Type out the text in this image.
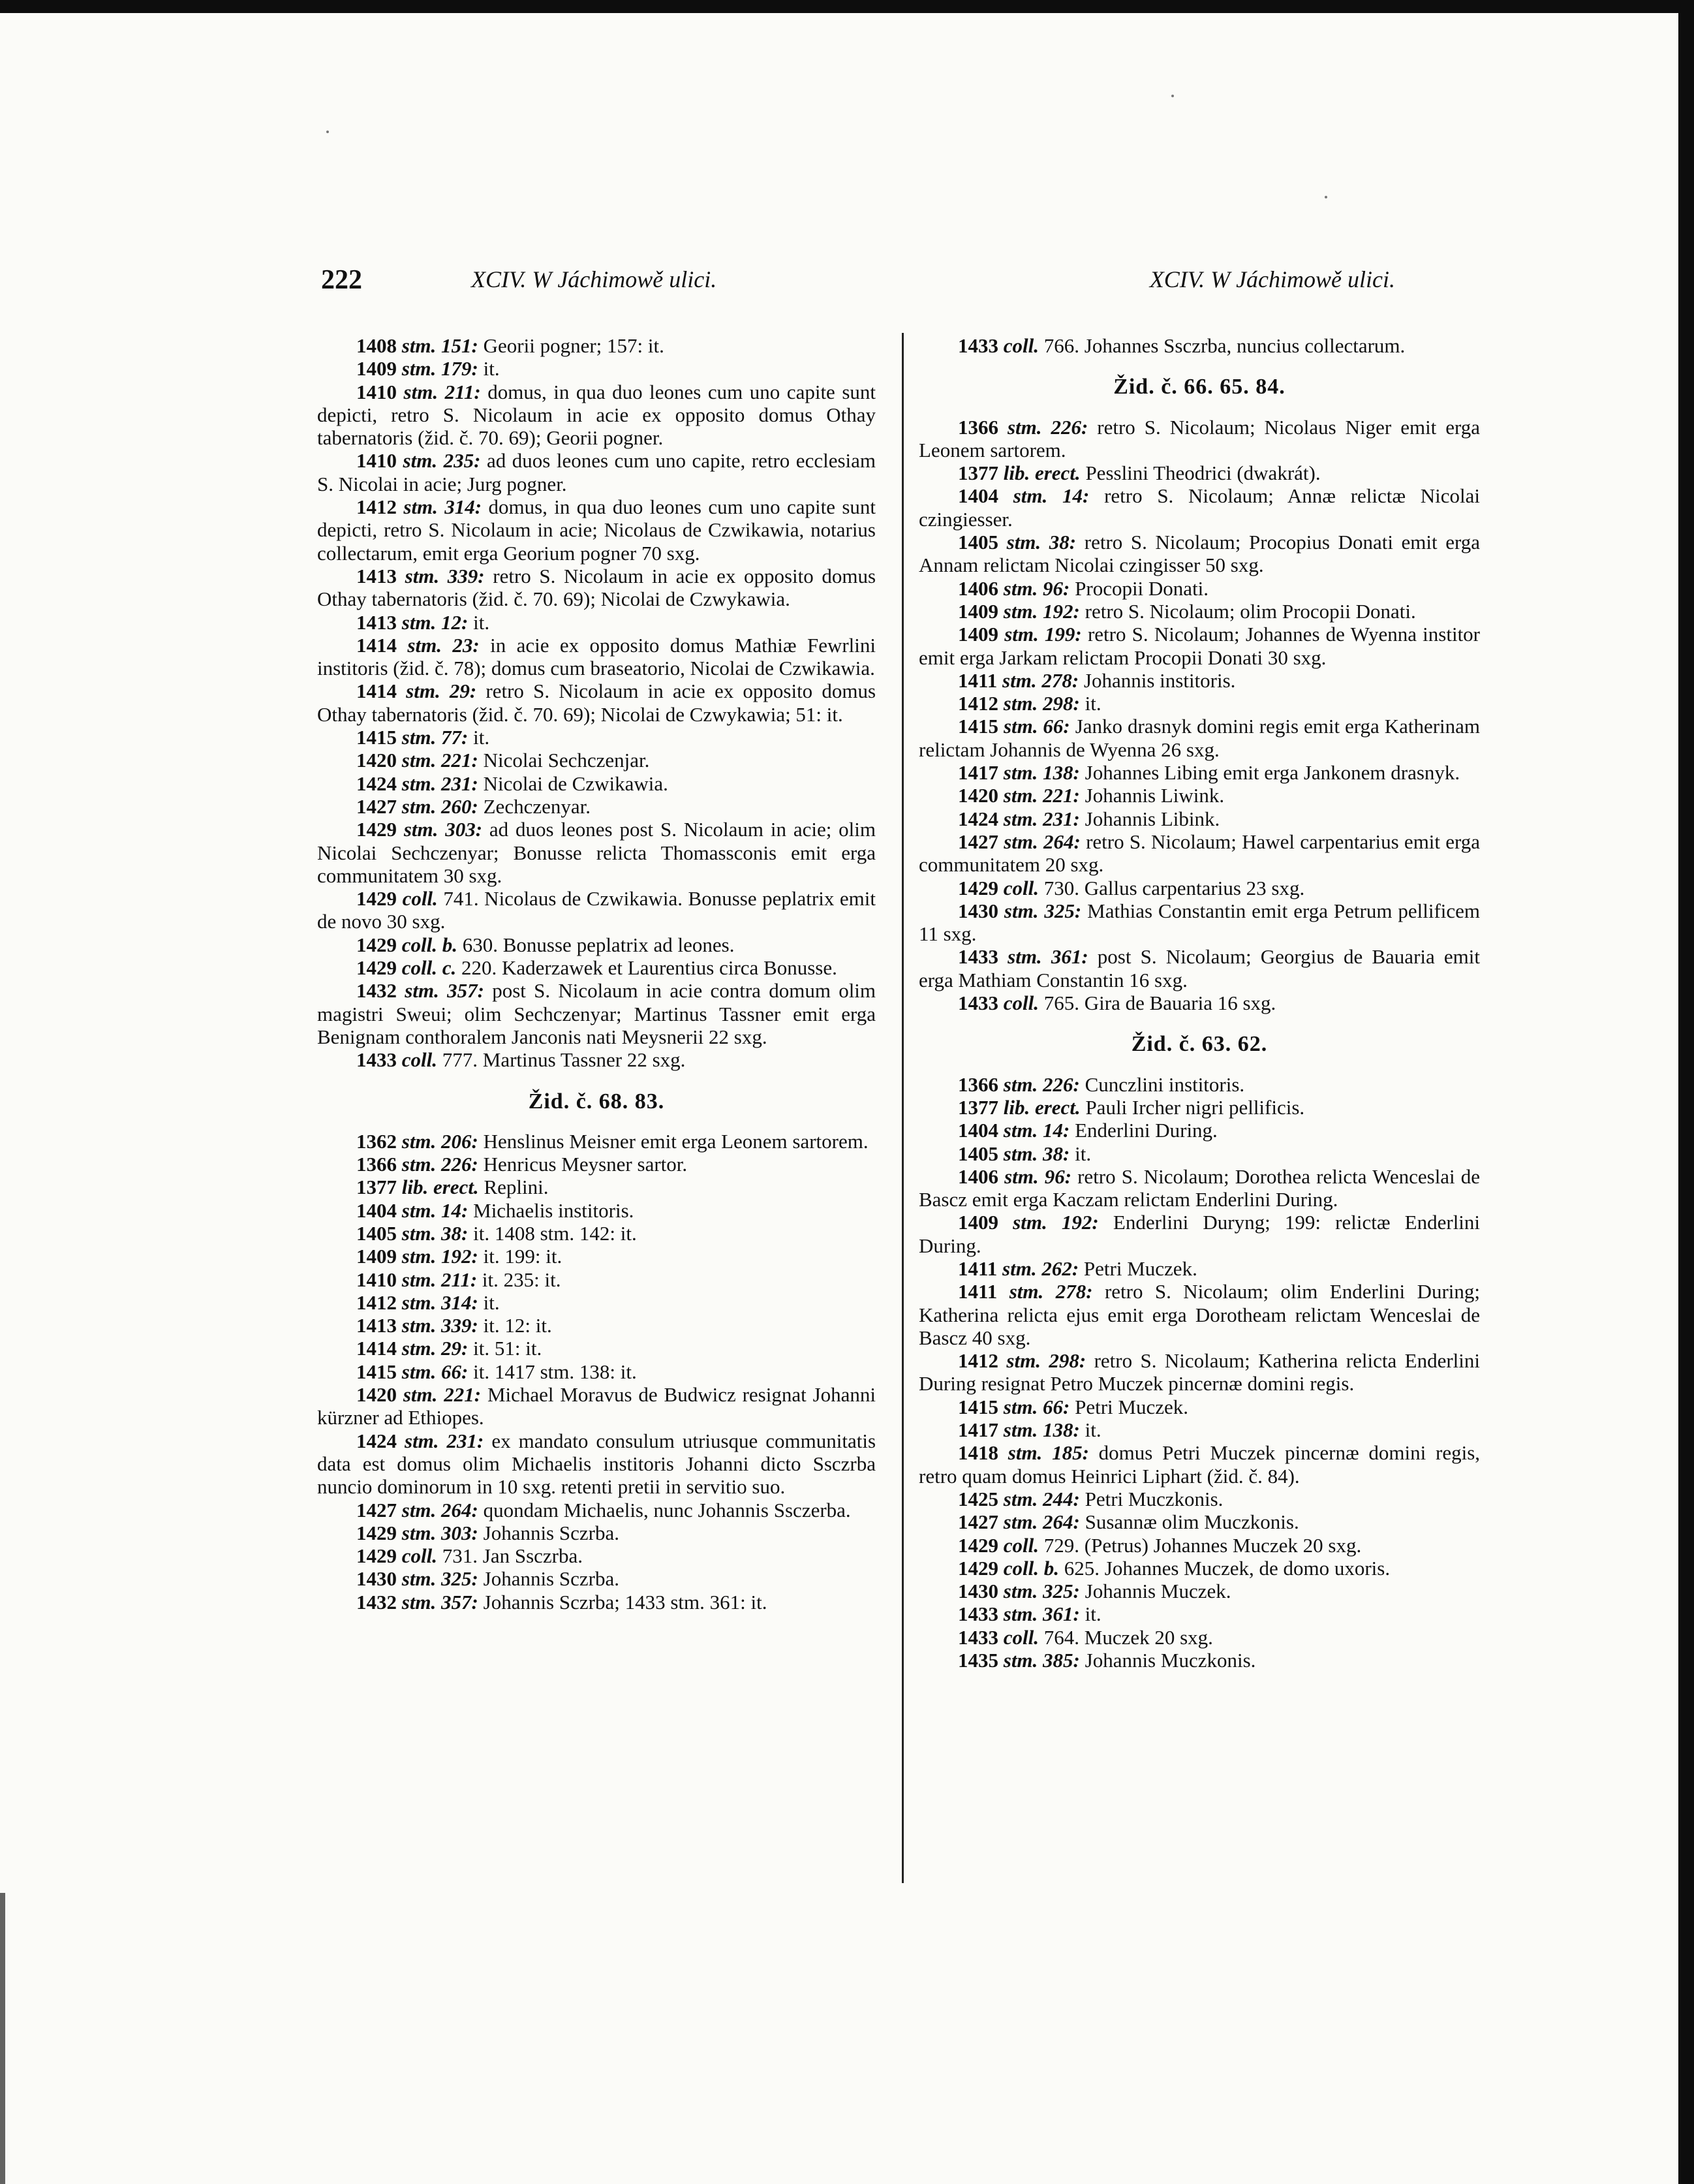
222	XCIV. W Jáchimowě ulici.	XCIV. W Jáchimowě ulici.

1408 stm. 151: Georii pogner; 157: it.

1409 stm. 179: it.

1410 stm. 211: domus, in qua duo leones cum uno capite sunt depicti, retro S. Nicolaum in acie ex opposito domus Othay tabernatoris (žid. č. 70. 69); Georii pogner.

1410 stm. 235: ad duos leones cum uno capite, retro ecclesiam S. Nicolai in acie; Jurg pogner.

1412 stm. 314: domus, in qua duo leones cum uno capite sunt depicti, retro S. Nicolaum in acie; Nicolaus de Czwikawia, notarius collectarum, emit erga Georium pogner 70 sxg.

1413 stm. 339: retro S. Nicolaum in acie ex opposito domus Othay tabernatoris (žid. č. 70. 69); Nicolai de Czwykawia.

1413 stm. 12: it.

1414 stm. 23: in acie ex opposito domus Mathiæ Fewrlini institoris (žid. č. 78); domus cum braseatorio, Nicolai de Czwikawia.

1414 stm. 29: retro S. Nicolaum in acie ex opposito domus Othay tabernatoris (žid. č. 70. 69); Nicolai de Czwykawia; 51: it.

1415 stm. 77: it.

1420 stm. 221: Nicolai Sechczenjar.

1424 stm. 231: Nicolai de Czwikawia.

1427 stm. 260: Zechczenyar.

1429 stm. 303: ad duos leones post S. Nicolaum in acie; olim Nicolai Sechczenyar; Bonusse relicta Thomassconis emit erga communitatem 30 sxg.

1429 coll. 741. Nicolaus de Czwikawia. Bonusse peplatrix emit de novo 30 sxg.

1429 coll. b. 630. Bonusse peplatrix ad leones.

1429 coll. c. 220. Kaderzawek et Laurentius circa Bonusse.

1432 stm. 357: post S. Nicolaum in acie contra domum olim magistri Sweui; olim Sechczenyar; Martinus Tassner emit erga Benignam conthoralem Janconis nati Meysnerii 22 sxg.

1433 coll. 777. Martinus Tassner 22 sxg.

Žid. č. 68. 83.

1362 stm. 206: Henslinus Meisner emit erga Leonem sartorem.

1366 stm. 226: Henricus Meysner sartor.

1377 lib. erect. Replini.

1404 stm. 14: Michaelis institoris.

1405 stm. 38: it. 1408 stm. 142: it.

1409 stm. 192: it. 199: it.

1410 stm. 211: it. 235: it.

1412 stm. 314: it.

1413 stm. 339: it. 12: it.

1414 stm. 29: it. 51: it.

1415 stm. 66: it. 1417 stm. 138: it.

1420 stm. 221: Michael Moravus de Budwicz resignat Johanni kürzner ad Ethiopes.

1424 stm. 231: ex mandato consulum utriusque communitatis data est domus olim Michaelis institoris Johanni dicto Ssczrba nuncio dominorum in 10 sxg. retenti pretii in servitio suo.

1427 stm. 264: quondam Michaelis, nunc Johannis Ssczerba.

1429 stm. 303: Johannis Sczrba.

1429 coll. 731. Jan Ssczrba.

1430 stm. 325: Johannis Sczrba.

1432 stm. 357: Johannis Sczrba; 1433 stm. 361: it.

1433 coll. 766. Johannes Ssczrba, nuncius collectarum.

Žid. č. 66. 65. 84.

1366 stm. 226: retro S. Nicolaum; Nicolaus Niger emit erga Leonem sartorem.

1377 lib. erect. Pesslini Theodrici (dwakrát).

1404 stm. 14: retro S. Nicolaum; Annæ relictæ Nicolai czingiesser.

1405 stm. 38: retro S. Nicolaum; Procopius Donati emit erga Annam relictam Nicolai czingisser 50 sxg.

1406 stm. 96: Procopii Donati.

1409 stm. 192: retro S. Nicolaum; olim Procopii Donati.

1409 stm. 199: retro S. Nicolaum; Johannes de Wyenna institor emit erga Jarkam relictam Procopii Donati 30 sxg.

1411 stm. 278: Johannis institoris.

1412 stm. 298: it.

1415 stm. 66: Janko drasnyk domini regis emit erga Katherinam relictam Johannis de Wyenna 26 sxg.

1417 stm. 138: Johannes Libing emit erga Jankonem drasnyk.

1420 stm. 221: Johannis Liwink.

1424 stm. 231: Johannis Libink.

1427 stm. 264: retro S. Nicolaum; Hawel carpentarius emit erga communitatem 20 sxg.

1429 coll. 730. Gallus carpentarius 23 sxg.

1430 stm. 325: Mathias Constantin emit erga Petrum pellificem 11 sxg.

1433 stm. 361: post S. Nicolaum; Georgius de Bauaria emit erga Mathiam Constantin 16 sxg.

1433 coll. 765. Gira de Bauaria 16 sxg.

Žid. č. 63. 62.

1366 stm. 226: Cunczlini institoris.

1377 lib. erect. Pauli Ircher nigri pellificis.

1404 stm. 14: Enderlini During.

1405 stm. 38: it.

1406 stm. 96: retro S. Nicolaum; Dorothea relicta Wenceslai de Bascz emit erga Kaczam relictam Enderlini During.

1409 stm. 192: Enderlini Duryng; 199: relictæ Enderlini During.

1411 stm. 262: Petri Muczek.

1411 stm. 278: retro S. Nicolaum; olim Enderlini During; Katherina relicta ejus emit erga Dorotheam relictam Wenceslai de Bascz 40 sxg.

1412 stm. 298: retro S. Nicolaum; Katherina relicta Enderlini During resignat Petro Muczek pincernæ domini regis.

1415 stm. 66: Petri Muczek.

1417 stm. 138: it.

1418 stm. 185: domus Petri Muczek pincernæ domini regis, retro quam domus Heinrici Liphart (žid. č. 84).

1425 stm. 244: Petri Muczkonis.

1427 stm. 264: Susannæ olim Muczkonis.

1429 coll. 729. (Petrus) Johannes Muczek 20 sxg.

1429 coll. b. 625. Johannes Muczek, de domo uxoris.

1430 stm. 325: Johannis Muczek.

1433 stm. 361: it.

1433 coll. 764. Muczek 20 sxg.

1435 stm. 385: Johannis Muczkonis.
